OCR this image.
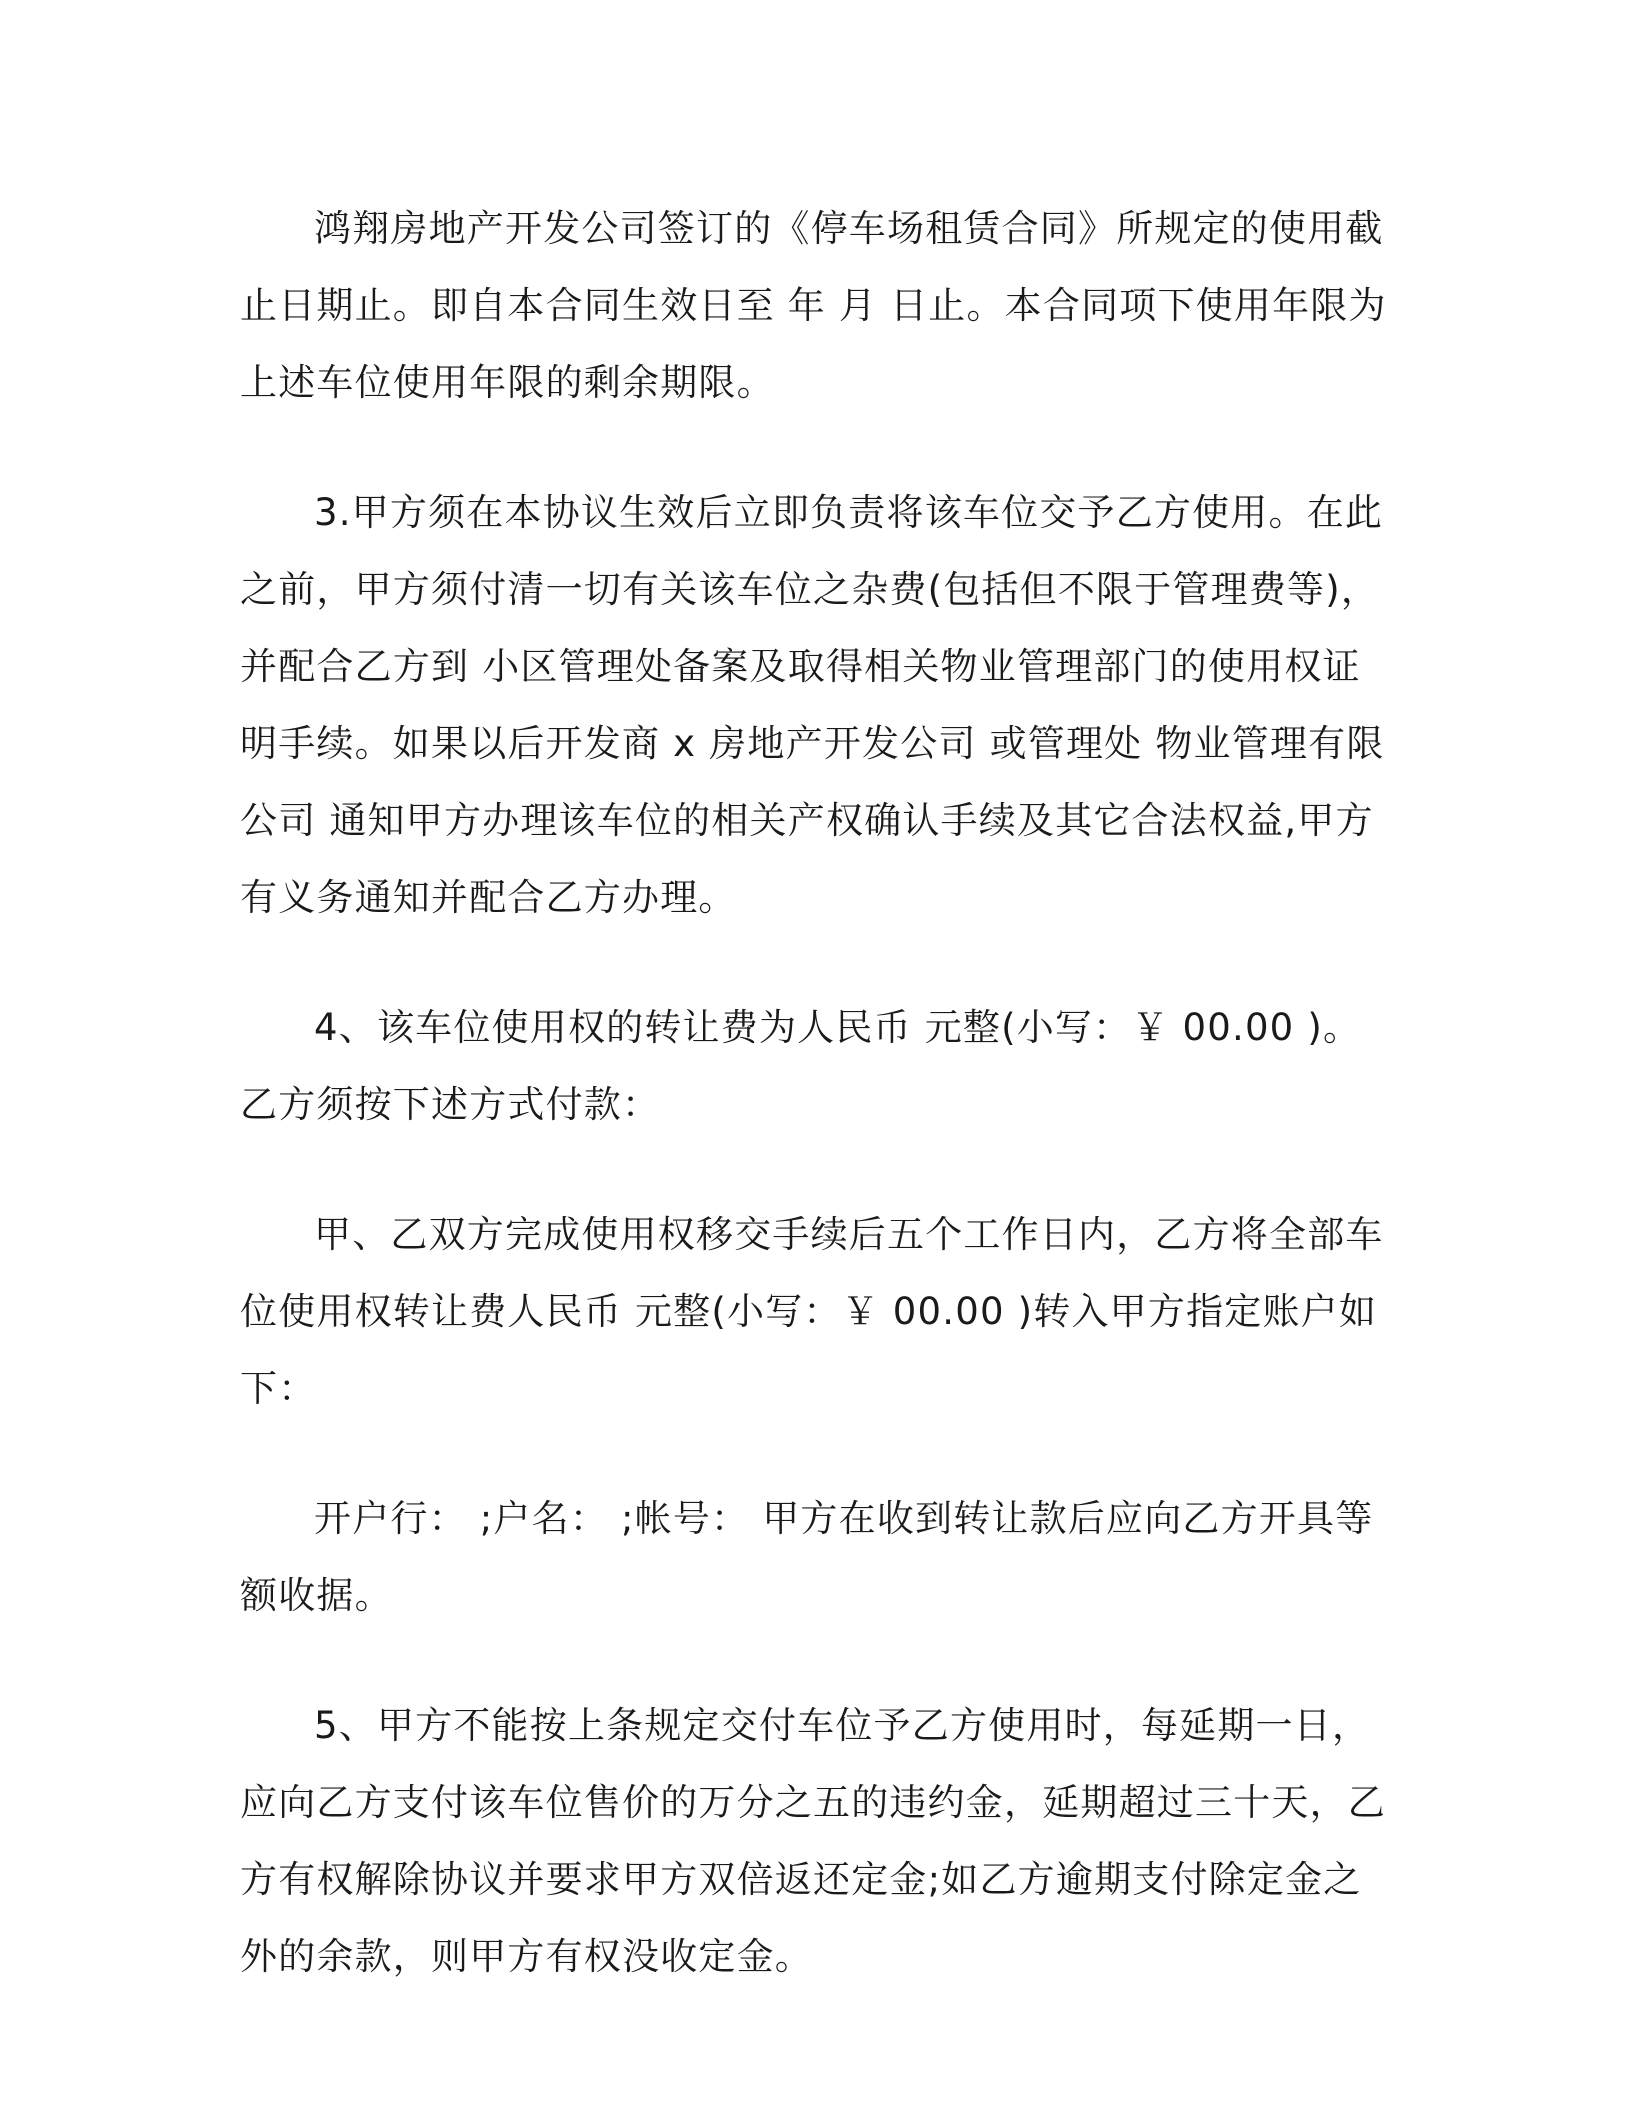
鸿翔房地产开发公司签订的《停车场租赁合同》所规定的使用截止日期止。即自本合同生效日至 年 月 日止。本合同项下使用年限为上述车位使用年限的剩余期限。

3.甲方须在本协议生效后立即负责将该车位交予乙方使用。在此之前，甲方须付清一切有关该车位之杂费(包括但不限于管理费等)，并配合乙方到 小区管理处备案及取得相关物业管理部门的使用权证明手续。如果以后开发商 x 房地产开发公司 或管理处 物业管理有限公司 通知甲方办理该车位的相关产权确认手续及其它合法权益,甲方有义务通知并配合乙方办理。

4、该车位使用权的转让费为人民币 元整(小写：￥ 00.00 )。乙方须按下述方式付款：

甲、乙双方完成使用权移交手续后五个工作日内，乙方将全部车位使用权转让费人民币 元整(小写：￥ 00.00 )转入甲方指定账户如下：

开户行： ;户名： ;帐号： 甲方在收到转让款后应向乙方开具等额收据。

5、甲方不能按上条规定交付车位予乙方使用时，每延期一日，应向乙方支付该车位售价的万分之五的违约金，延期超过三十天，乙方有权解除协议并要求甲方双倍返还定金;如乙方逾期支付除定金之外的余款，则甲方有权没收定金。
